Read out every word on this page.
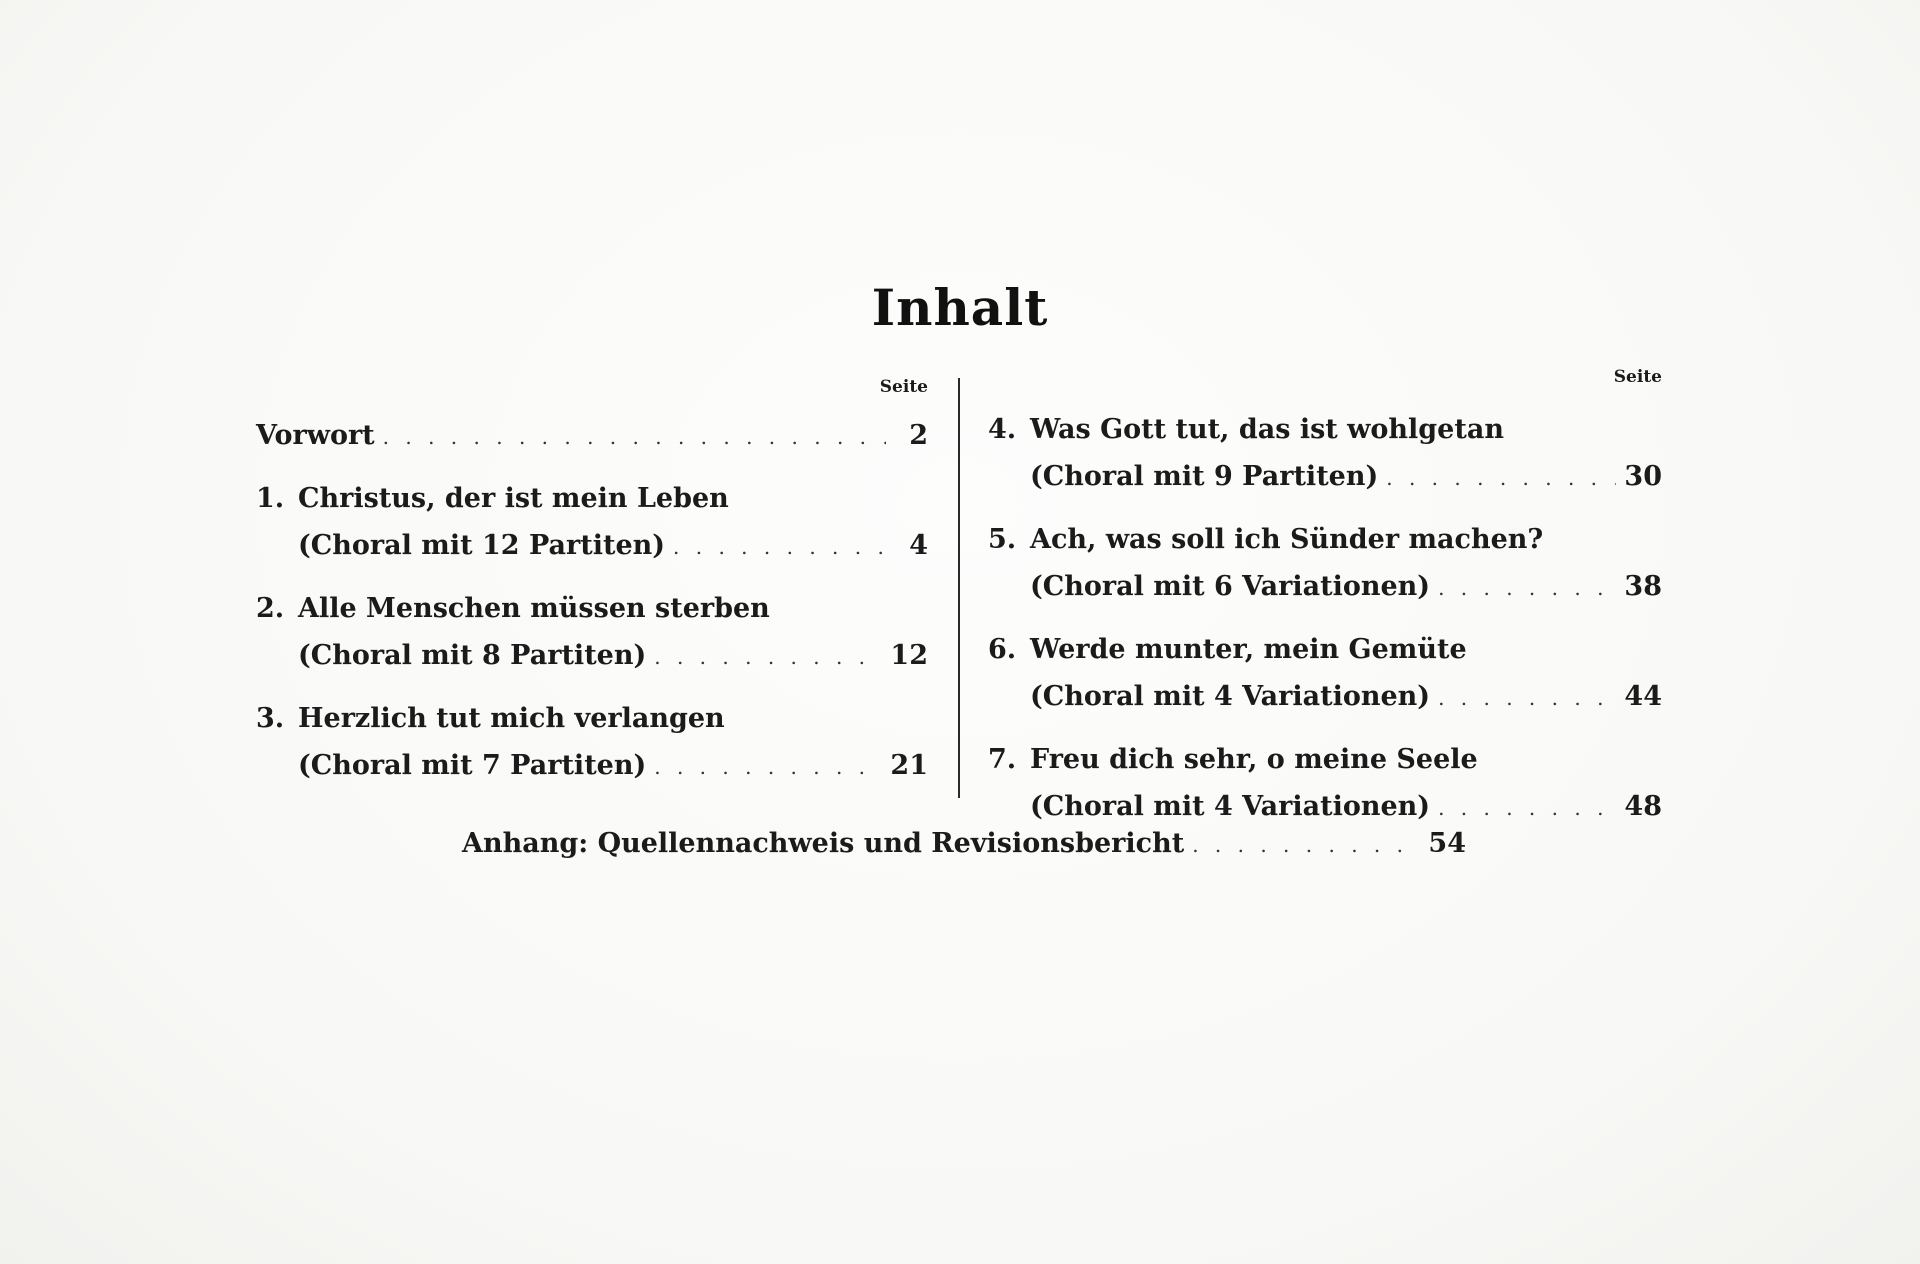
Inhalt
Seite
Vorwort . . .	2
1. Christus, der ist mein Leben
(Choral mit 12 Partiten) . . .	4
2. Alle Menschen müssen sterben
(Choral mit 8 Partiten) . . .	12
3. Herzlich tut mich verlangen
(Choral mit 7 Partiten) . . .	21
Seite
4. Was Gott tut, das ist wohlgetan
(Choral mit 9 Partiten) . . .	30
5. Ach, was soll ich Sünder machen?
(Choral mit 6 Variationen) . . .	38
6. Werde munter, mein Gemüte
(Choral mit 4 Variationen) . . .	44
7. Freu dich sehr, o meine Seele
(Choral mit 4 Variationen) . . .	48
Anhang: Quellennachweis und Revisionsbericht . . .	54
